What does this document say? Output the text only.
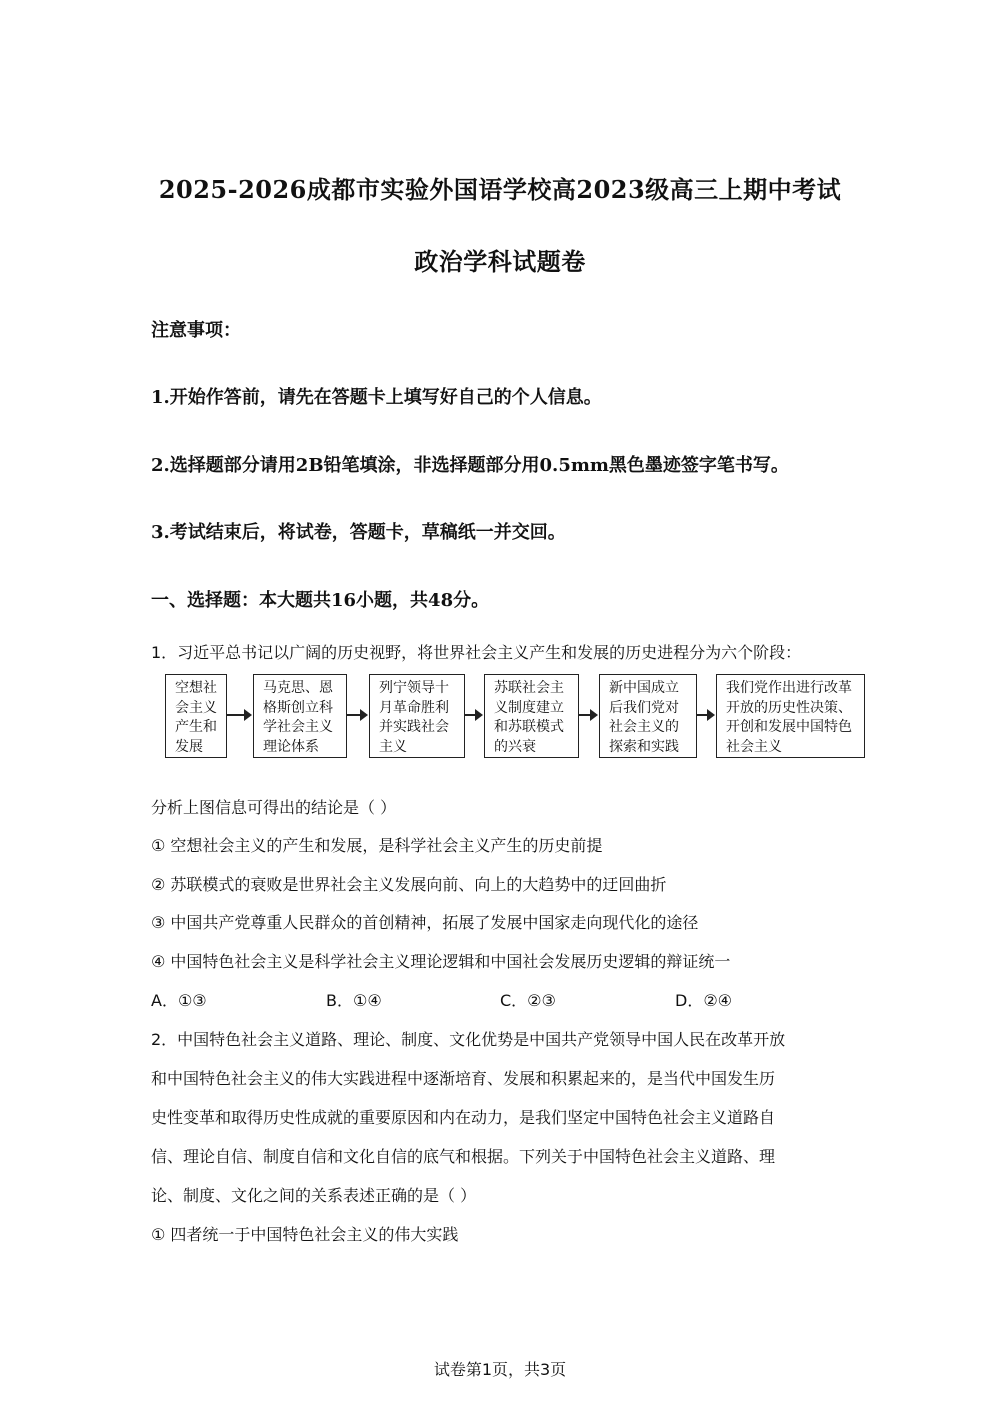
2025-2026成都市实验外国语学校高2023级高三上期中考试
政治学科试题卷
注意事项：
1.开始作答前，请先在答题卡上填写好自己的个人信息。
2.选择题部分请用2B铅笔填涂，非选择题部分用0.5mm黑色墨迹签字笔书写。
3.考试结束后，将试卷，答题卡，草稿纸一并交回。
一、选择题：本大题共16小题，共48分。
1．习近平总书记以广阔的历史视野，将世界社会主义产生和发展的历史进程分为六个阶段：
空想社会主义产生和发展
马克思、恩格斯创立科学社会主义理论体系
列宁领导十月革命胜利并实践社会主义
苏联社会主义制度建立和苏联模式的兴衰
新中国成立后我们党对社会主义的探索和实践
我们党作出进行改革开放的历史性决策、开创和发展中国特色社会主义
分析上图信息可得出的结论是（ ）
① 空想社会主义的产生和发展，是科学社会主义产生的历史前提
② 苏联模式的衰败是世界社会主义发展向前、向上的大趋势中的迂回曲折
③ 中国共产党尊重人民群众的首创精神，拓展了发展中国家走向现代化的途径
④ 中国特色社会主义是科学社会主义理论逻辑和中国社会发展历史逻辑的辩证统一
A．①③	B．①④	C．②③	D．②④
2．中国特色社会主义道路、理论、制度、文化优势是中国共产党领导中国人民在改革开放
和中国特色社会主义的伟大实践进程中逐渐培育、发展和积累起来的，是当代中国发生历
史性变革和取得历史性成就的重要原因和内在动力，是我们坚定中国特色社会主义道路自
信、理论自信、制度自信和文化自信的底气和根据。下列关于中国特色社会主义道路、理
论、制度、文化之间的关系表述正确的是（ ）
① 四者统一于中国特色社会主义的伟大实践
试卷第1页，共3页
